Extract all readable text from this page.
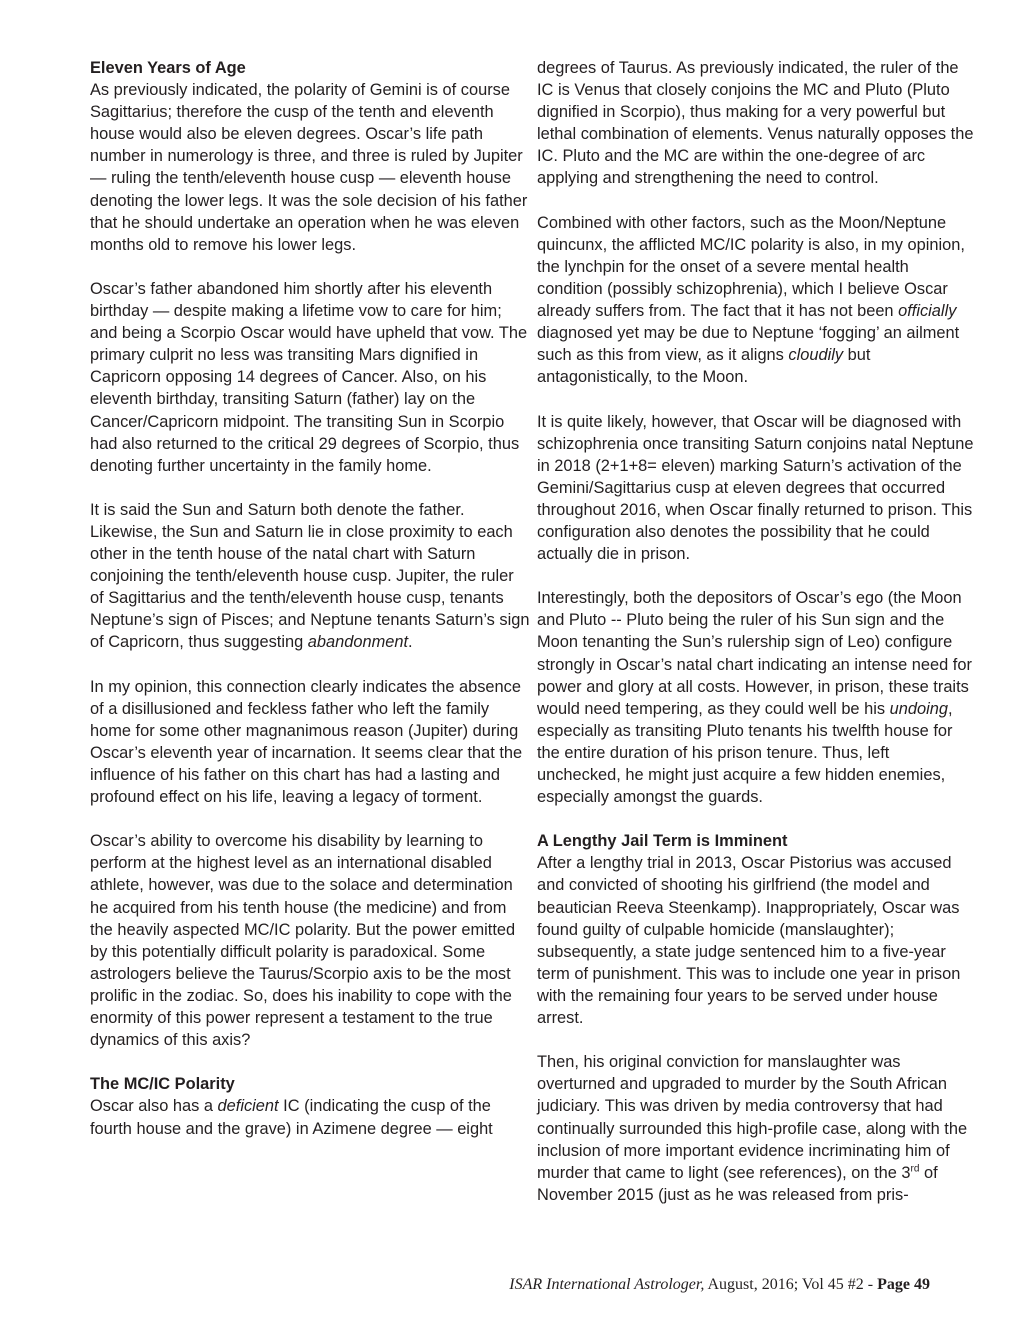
Eleven Years of Age

As previously indicated, the polarity of Gemini is of course Sagittarius; therefore the cusp of the tenth and eleventh house would also be eleven degrees. Oscar’s life path number in numerology is three, and three is ruled by Jupiter — ruling the tenth/eleventh house cusp — eleventh house denoting the lower legs. It was the sole decision of his father that he should undertake an operation when he was eleven months old to remove his lower legs.

Oscar’s father abandoned him shortly after his eleventh birthday — despite making a lifetime vow to care for him; and being a Scorpio Oscar would have upheld that vow. The primary culprit no less was transiting Mars dignified in Capricorn opposing 14 degrees of Cancer. Also, on his eleventh birthday, transiting Saturn (father) lay on the Cancer/Capricorn midpoint. The transiting Sun in Scorpio had also returned to the critical 29 degrees of Scorpio, thus denoting further uncertainty in the family home.

It is said the Sun and Saturn both denote the father. Likewise, the Sun and Saturn lie in close proximity to each other in the tenth house of the natal chart with Saturn conjoining the tenth/eleventh house cusp. Jupiter, the ruler of Sagittarius and the tenth/eleventh house cusp, tenants Neptune’s sign of Pisces; and Neptune tenants Saturn’s sign of Capricorn, thus suggesting abandonment.

In my opinion, this connection clearly indicates the absence of a disillusioned and feckless father who left the family home for some other magnanimous reason (Jupiter) during Oscar’s eleventh year of incarnation. It seems clear that the influence of his father on this chart has had a lasting and profound effect on his life, leaving a legacy of torment.

Oscar’s ability to overcome his disability by learning to perform at the highest level as an international disabled athlete, however, was due to the solace and determination he acquired from his tenth house (the medicine) and from the heavily aspected MC/IC polarity. But the power emitted by this potentially difficult polarity is paradoxical. Some astrologers believe the Taurus/Scorpio axis to be the most prolific in the zodiac. So, does his inability to cope with the enormity of this power represent a testament to the true dynamics of this axis?

The MC/IC Polarity

Oscar also has a deficient IC (indicating the cusp of the fourth house and the grave) in Azimene degree — eight

degrees of Taurus. As previously indicated, the ruler of the IC is Venus that closely conjoins the MC and Pluto (Pluto dignified in Scorpio), thus making for a very powerful but lethal combination of elements. Venus naturally opposes the IC. Pluto and the MC are within the one-degree of arc applying and strengthening the need to control.

Combined with other factors, such as the Moon/Neptune quincunx, the afflicted MC/IC polarity is also, in my opinion, the lynchpin for the onset of a severe mental health condition (possibly schizophrenia), which I believe Oscar already suffers from. The fact that it has not been officially diagnosed yet may be due to Neptune ‘fogging’ an ailment such as this from view, as it aligns cloudily but antagonistically, to the Moon.

It is quite likely, however, that Oscar will be diagnosed with schizophrenia once transiting Saturn conjoins natal Neptune in 2018 (2+1+8= eleven) marking Saturn’s activation of the Gemini/Sagittarius cusp at eleven degrees that occurred throughout 2016, when Oscar finally returned to prison. This configuration also denotes the possibility that he could actually die in prison.

Interestingly, both the depositors of Oscar’s ego (the Moon and Pluto -- Pluto being the ruler of his Sun sign and the Moon tenanting the Sun’s rulership sign of Leo) configure strongly in Oscar’s natal chart indicating an intense need for power and glory at all costs. However, in prison, these traits would need tempering, as they could well be his undoing, especially as transiting Pluto tenants his twelfth house for the entire duration of his prison tenure. Thus, left unchecked, he might just acquire a few hidden enemies, especially amongst the guards.

A Lengthy Jail Term is Imminent

After a lengthy trial in 2013, Oscar Pistorius was accused and convicted of shooting his girlfriend (the model and beautician Reeva Steenkamp). Inappropriately, Oscar was found guilty of culpable homicide (manslaughter); subsequently, a state judge sentenced him to a five-year term of punishment. This was to include one year in prison with the remaining four years to be served under house arrest.

Then, his original conviction for manslaughter was overturned and upgraded to murder by the South African judiciary. This was driven by media controversy that had continually surrounded this high-profile case, along with the inclusion of more important evidence incriminating him of murder that came to light (see references), on the 3rd of November 2015 (just as he was released from pris-

ISAR International Astrologer, August, 2016; Vol 45 #2 - Page 49
